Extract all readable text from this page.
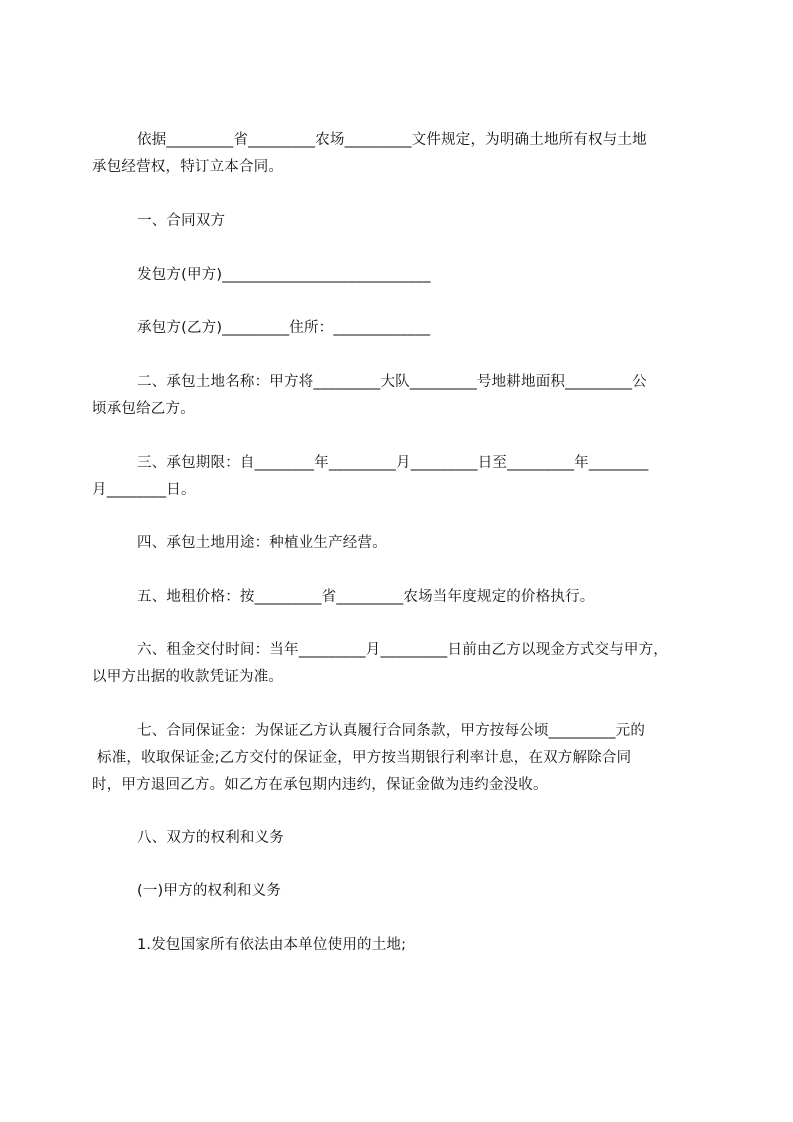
依据_________省_________农场_________文件规定，为明确土地所有权与土地
承包经营权，特订立本合同。
一、合同双方
发包方(甲方)____________________________
承包方(乙方)_________住所：_____________
二、承包土地名称：甲方将_________大队_________号地耕地面积_________公
顷承包给乙方。
三、承包期限：自________年_________月_________日至_________年________
月________日。
四、承包土地用途：种植业生产经营。
五、地租价格：按_________省_________农场当年度规定的价格执行。
六、租金交付时间：当年_________月_________日前由乙方以现金方式交与甲方，
以甲方出据的收款凭证为准。
七、合同保证金：为保证乙方认真履行合同条款，甲方按每公顷_________元的
标准，收取保证金;乙方交付的保证金，甲方按当期银行利率计息，在双方解除合同
时，甲方退回乙方。如乙方在承包期内违约，保证金做为违约金没收。
八、双方的权利和义务
(一)甲方的权利和义务
1.发包国家所有依法由本单位使用的土地;
